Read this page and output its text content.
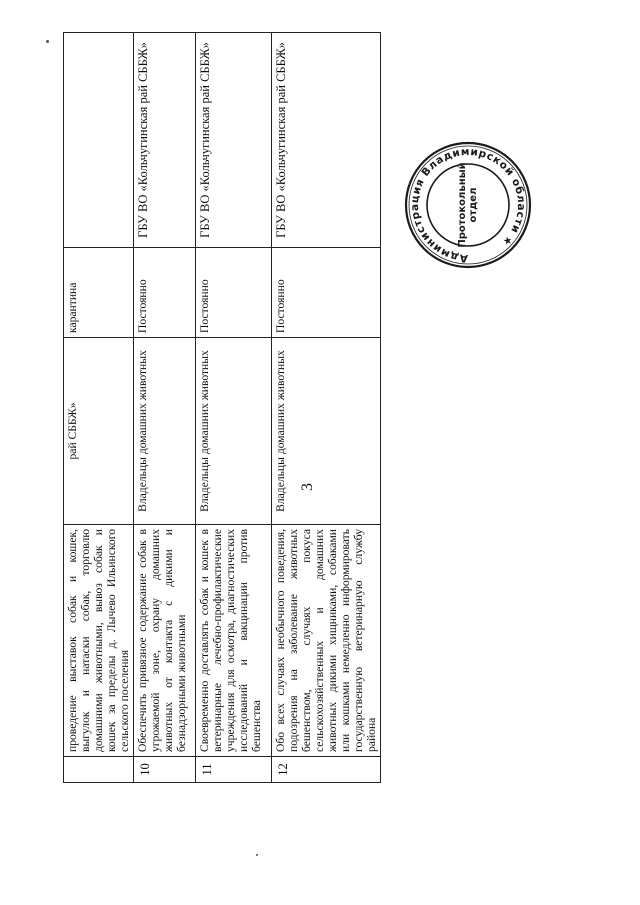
3
	проведение выставок собак и кошек, выгулок и натаски собак, торговлю домашними животными, вывоз собак и кошек за пределы д. Лычево Ильинского сельского поселения	рай СББЖ»	карантина	
10	Обеспечить привязное содержание собак в угрожаемой зоне, охрану домашних животных от контакта с дикими и безнадзорными животными	Владельцы домашних животных	Постоянно	ГБУ ВО «Кольчугинская рай СББЖ»
11	Своевременно доставлять собак и кошек в ветеринарные лечебно-профилактические учреждения для осмотра, диагностических исследований и вакцинации против бешенства	Владельцы домашних животных	Постоянно	ГБУ ВО «Кольчугинская рай СББЖ»
12	Обо всех случаях необычного поведения, подозрения на заболевание животных бешенством, случаях покуса сельскохозяйственных и домашних животных дикими хищниками, собаками или кошками немедленно информировать государственную ветеринарную службу района	Владельцы домашних животных	Постоянно	ГБУ ВО «Кольчугинская рай СББЖ»
Администрация Владимирской области ★
Протокольный отдел
